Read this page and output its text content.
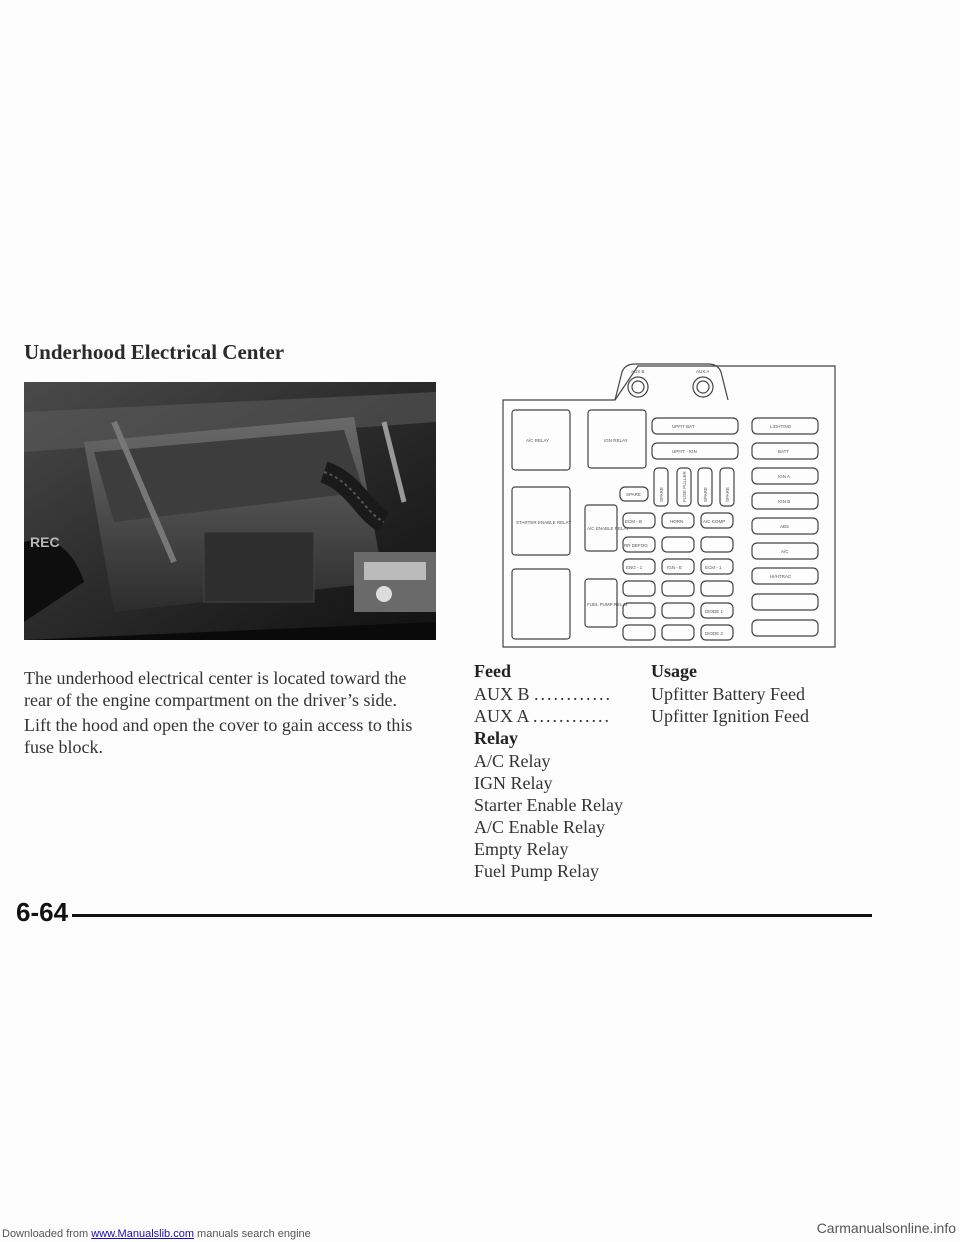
Downloaded from www.Manualslib.com manuals search engine
Underhood Electrical Center
REC
The underhood electrical center is located toward the rear of the engine compartment on the driver’s side.
Lift the hood and open the cover to gain access to this fuse block.
AUX B	AUX A
A/C RELAY	IGN RELAY
STARTER ENABLE RELAY
A/C ENABLE RELAY
FUEL PUMP RELAY
UPFIT BAT
UPFIT - IGN
LIGHTING
BATT
IGN A
IGN B
ABS
A/C
HI/HTRAC
SPARE
ECM - B	HORN	A/C COMP
RR DEFOG
ENG - 1	IGN - E	ECM - 1
DIODE 1
DIODE 2
SPARE	FUSE PULLER	SPARE	SPARE
Feed	Usage
AUX B ............ Upfitter Battery Feed
AUX A ............ Upfitter Ignition Feed
Relay
A/C Relay
IGN Relay
Starter Enable Relay
A/C Enable Relay
Empty Relay
Fuel Pump Relay
6-64
Carmanualsonline.info
